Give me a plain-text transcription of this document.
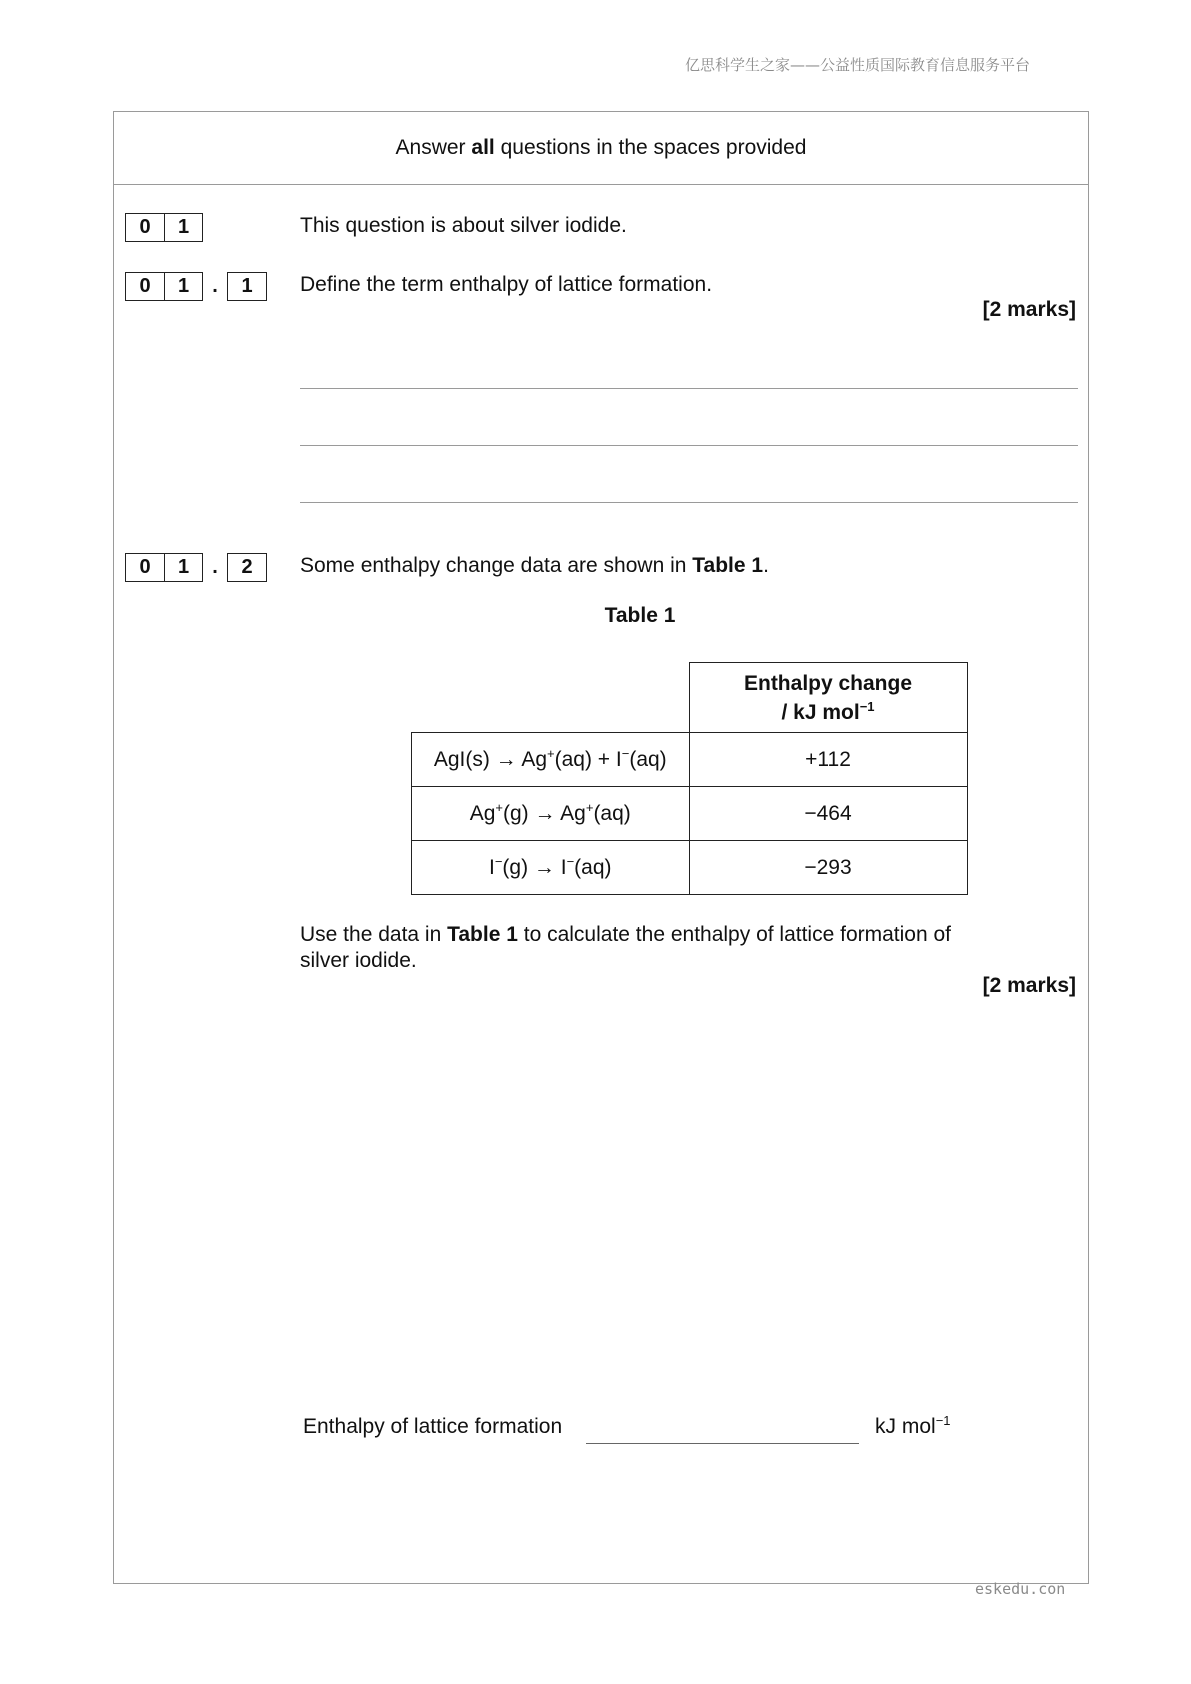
亿思科学生之家——公益性质国际教育信息服务平台
Answer all questions in the spaces provided
0	1	This question is about silver iodide.
0	1	.	1	Define the term enthalpy of lattice formation.
[2 marks]
0	1	.	2	Some enthalpy change data are shown in Table 1.
Table 1

	Enthalpy change
/ kJ mol$^{-1}$

AgI(s) → Ag+(aq) + I−(aq)	+112
Ag+(g) → Ag+(aq)	−464
I−(g) → I−(aq)	−293
Use the data in Table 1 to calculate the enthalpy of lattice formation of
silver iodide.
[2 marks]
Enthalpy of lattice formation	kJ mol$^{-1}$
eskedu.con
